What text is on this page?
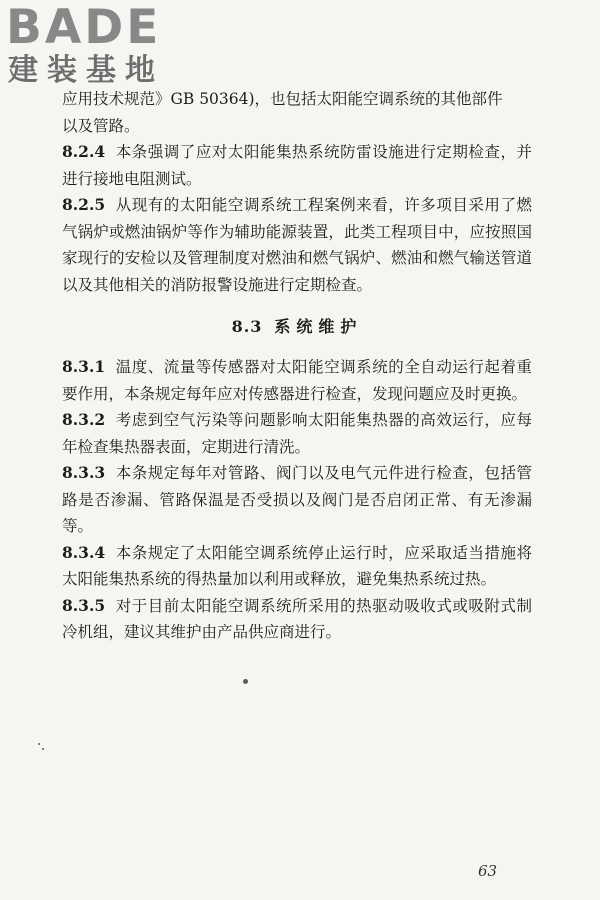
BADE
建装基地

应用技术规范》GB 50364)，也包括太阳能空调系统的其他部件
以及管路。

8.2.4 本条强调了应对太阳能集热系统防雷设施进行定期检查，并进行接地电阻测试。

8.2.5 从现有的太阳能空调系统工程案例来看，许多项目采用了燃气锅炉或燃油锅炉等作为辅助能源装置，此类工程项目中，应按照国家现行的安检以及管理制度对燃油和燃气锅炉、燃油和燃气输送管道以及其他相关的消防报警设施进行定期检查。

8.3 系统维护

8.3.1 温度、流量等传感器对太阳能空调系统的全自动运行起着重要作用，本条规定每年应对传感器进行检查，发现问题应及时更换。

8.3.2 考虑到空气污染等问题影响太阳能集热器的高效运行，应每年检查集热器表面，定期进行清洗。

8.3.3 本条规定每年对管路、阀门以及电气元件进行检查，包括管路是否渗漏、管路保温是否受损以及阀门是否启闭正常、有无渗漏等。

8.3.4 本条规定了太阳能空调系统停止运行时，应采取适当措施将太阳能集热系统的得热量加以利用或释放，避免集热系统过热。

8.3.5 对于目前太阳能空调系统所采用的热驱动吸收式或吸附式制冷机组，建议其维护由产品供应商进行。

63
